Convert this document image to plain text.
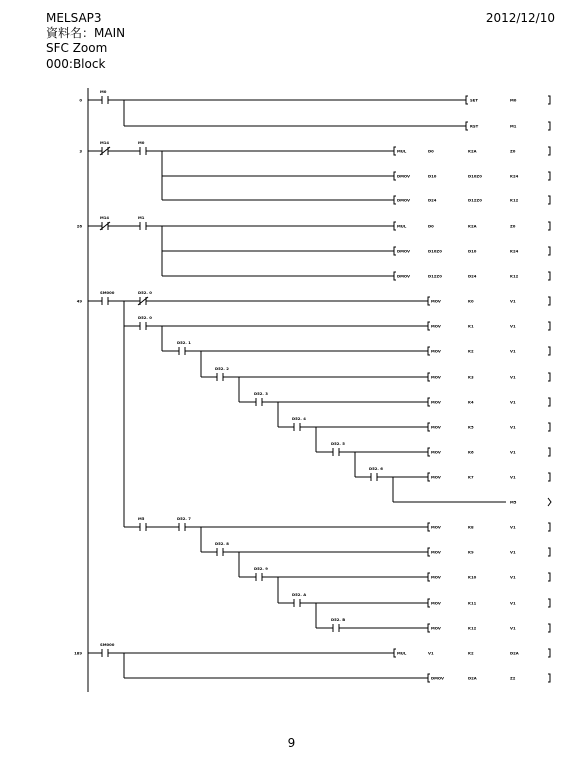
MELSAP3
資料名：MAIN
SFC Zoom
000:Block
2012/12/10
0
M0
SET	M0
RST	M1
3
M14	M0
MUL	D0	K2A	Z0
DMOV	D10	D10Z0	K24
DMOV	D24	D12Z0	K12
26
M14	M1
MUL	D0	K2A	Z0
DMOV	D10Z0	D10	K24
DMOV	D12Z0	D24	K12
49
SM000	D52. 0
MOV	K0	V1
D52. 0
MOV	K1	V1
D52. 1
MOV	K2	V1
D52. 2
MOV	K3	V1
D52. 3
MOV	K4	V1
D52. 4
MOV	K5	V1
D52. 5
MOV	K6	V1
D52. 6
MOV	K7	V1
M5
M5	D52. 7
MOV	K8	V1
D52. 8
MOV	K9	V1
D52. 9
MOV	K10	V1
D52. A
MOV	K11	V1
D52. B
MOV	K12	V1
189
SM000
MUL	V1	K2	D2A
DMOV	D2A	Z2
9
